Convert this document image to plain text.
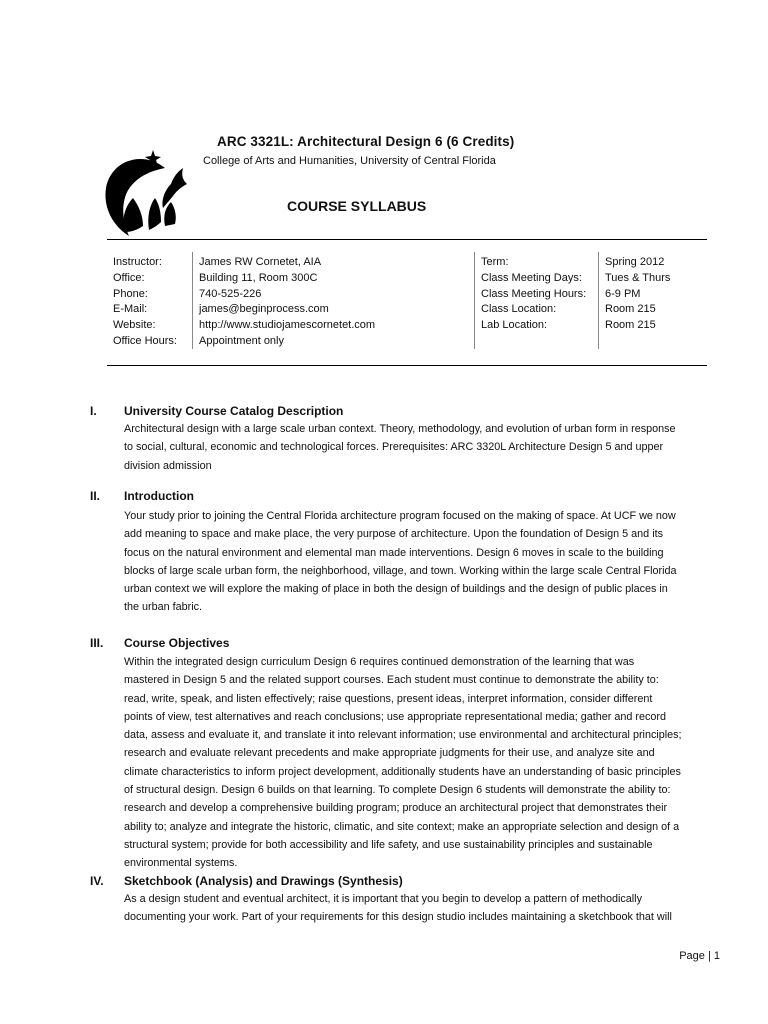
ARC 3321L: Architectural Design 6 (6 Credits)
College of Arts and Humanities, University of Central Florida
COURSE SYLLABUS
Instructor:
Office:
Phone:
E-Mail:
Website:
Office Hours:
James RW Cornetet, AIA
Building 11, Room 300C
740-525-226
james@beginprocess.com
http://www.studiojamescornetet.com
Appointment only
Term:
Class Meeting Days:
Class Meeting Hours:
Class Location:
Lab Location:
Spring 2012
Tues & Thurs
6-9 PM
Room 215
Room 215
I. University Course Catalog Description
Architectural design with a large scale urban context. Theory, methodology, and evolution of urban form in response
to social, cultural, economic and technological forces. Prerequisites: ARC 3320L Architecture Design 5 and upper
division admission
II. Introduction
Your study prior to joining the Central Florida architecture program focused on the making of space. At UCF we now
add meaning to space and make place, the very purpose of architecture. Upon the foundation of Design 5 and its
focus on the natural environment and elemental man made interventions. Design 6 moves in scale to the building
blocks of large scale urban form, the neighborhood, village, and town. Working within the large scale Central Florida
urban context we will explore the making of place in both the design of buildings and the design of public places in
the urban fabric.
III. Course Objectives
Within the integrated design curriculum Design 6 requires continued demonstration of the learning that was
mastered in Design 5 and the related support courses. Each student must continue to demonstrate the ability to:
read, write, speak, and listen effectively; raise questions, present ideas, interpret information, consider different
points of view, test alternatives and reach conclusions; use appropriate representational media; gather and record
data, assess and evaluate it, and translate it into relevant information; use environmental and architectural principles;
research and evaluate relevant precedents and make appropriate judgments for their use, and analyze site and
climate characteristics to inform project development, additionally students have an understanding of basic principles
of structural design. Design 6 builds on that learning. To complete Design 6 students will demonstrate the ability to:
research and develop a comprehensive building program; produce an architectural project that demonstrates their
ability to; analyze and integrate the historic, climatic, and site context; make an appropriate selection and design of a
structural system; provide for both accessibility and life safety, and use sustainability principles and sustainable
environmental systems.
IV. Sketchbook (Analysis) and Drawings (Synthesis)
As a design student and eventual architect, it is important that you begin to develop a pattern of methodically
documenting your work. Part of your requirements for this design studio includes maintaining a sketchbook that will
Page | 1
